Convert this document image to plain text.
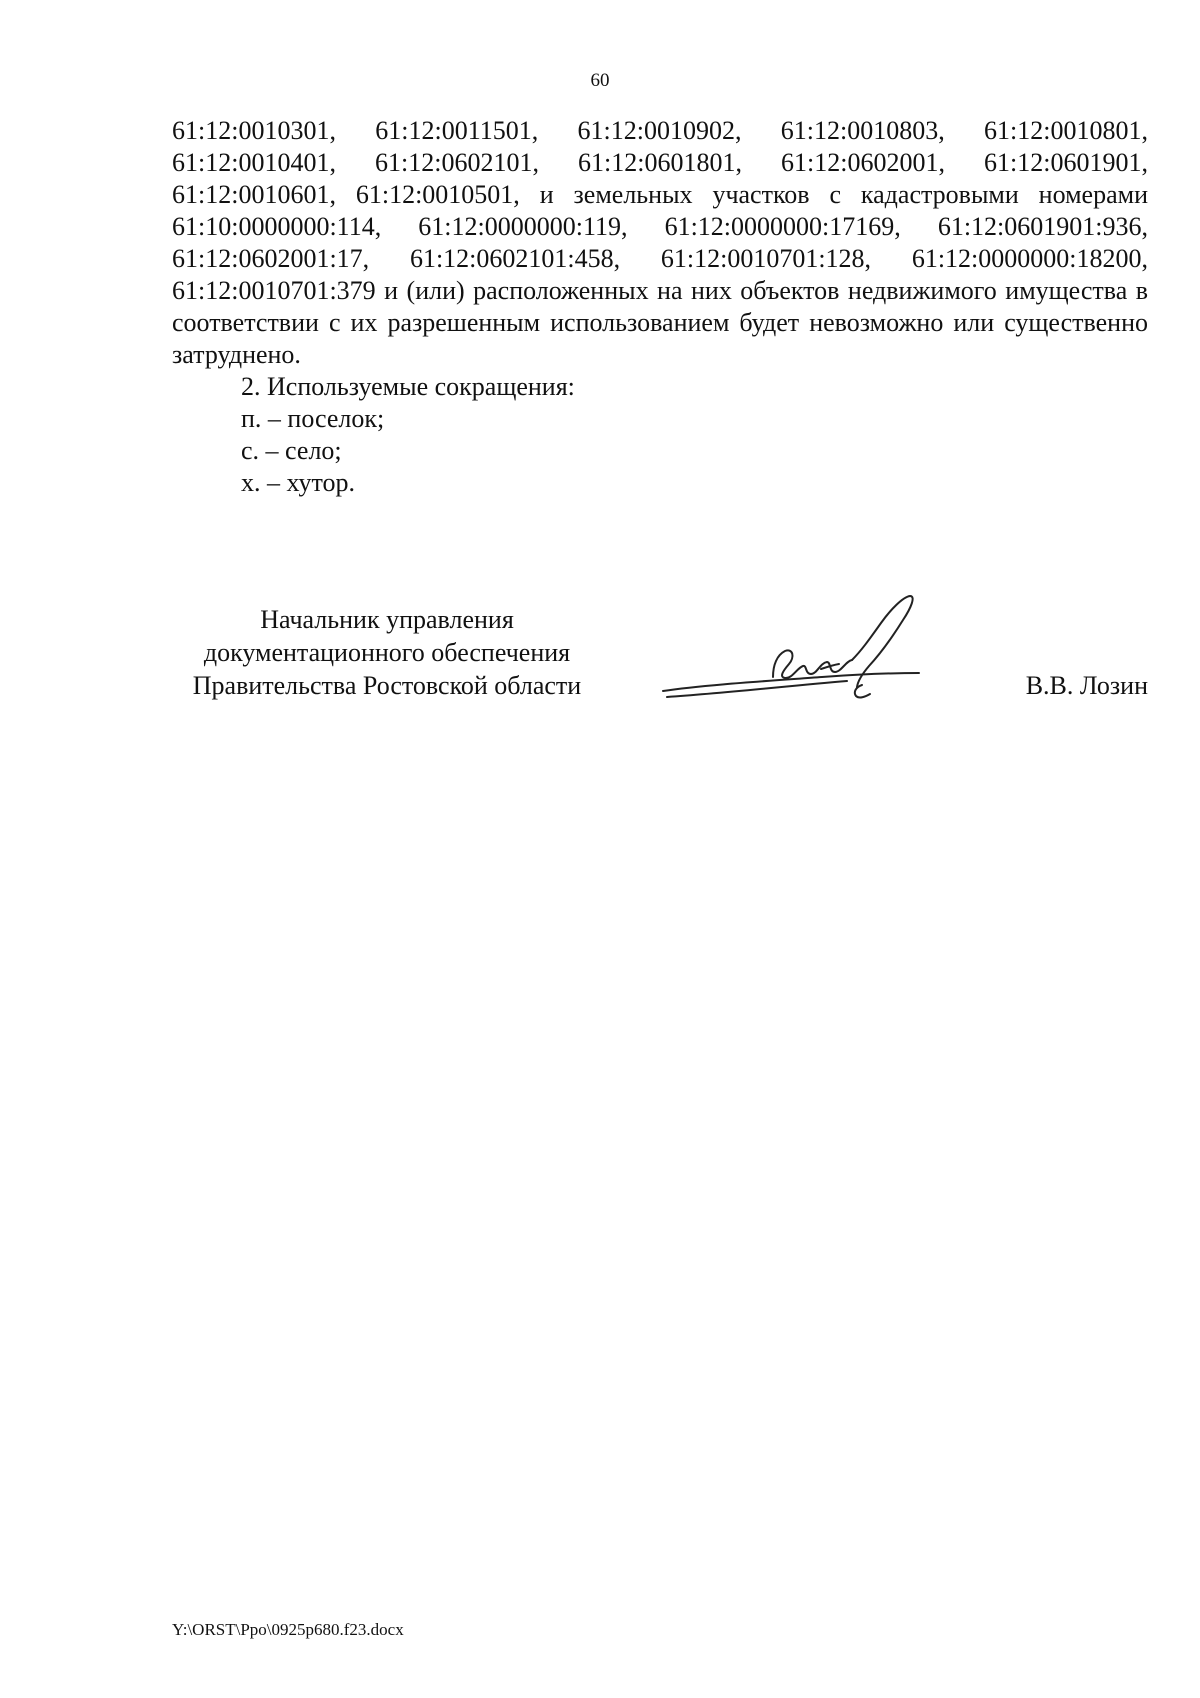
60

61:12:0010301, 61:12:0011501, 61:12:0010902, 61:12:0010803, 61:12:0010801, 61:12:0010401, 61:12:0602101, 61:12:0601801, 61:12:0602001, 61:12:0601901, 61:12:0010601, 61:12:0010501, и земельных участков с кадастровыми номерами 61:10:0000000:114, 61:12:0000000:119, 61:12:0000000:17169, 61:12:0601901:936, 61:12:0602001:17, 61:12:0602101:458, 61:12:0010701:128, 61:12:0000000:18200, 61:12:0010701:379 и (или) расположенных на них объектов недвижимого имущества в соответствии с их разрешенным использованием будет невозможно или существенно затруднено.

2. Используемые сокращения:

п. – поселок;

с. – село;

х. – хутор.

Начальник управления
документационного обеспечения
Правительства Ростовской области	В.В. Лозин
Y:\ORST\Ppo\0925p680.f23.docx
